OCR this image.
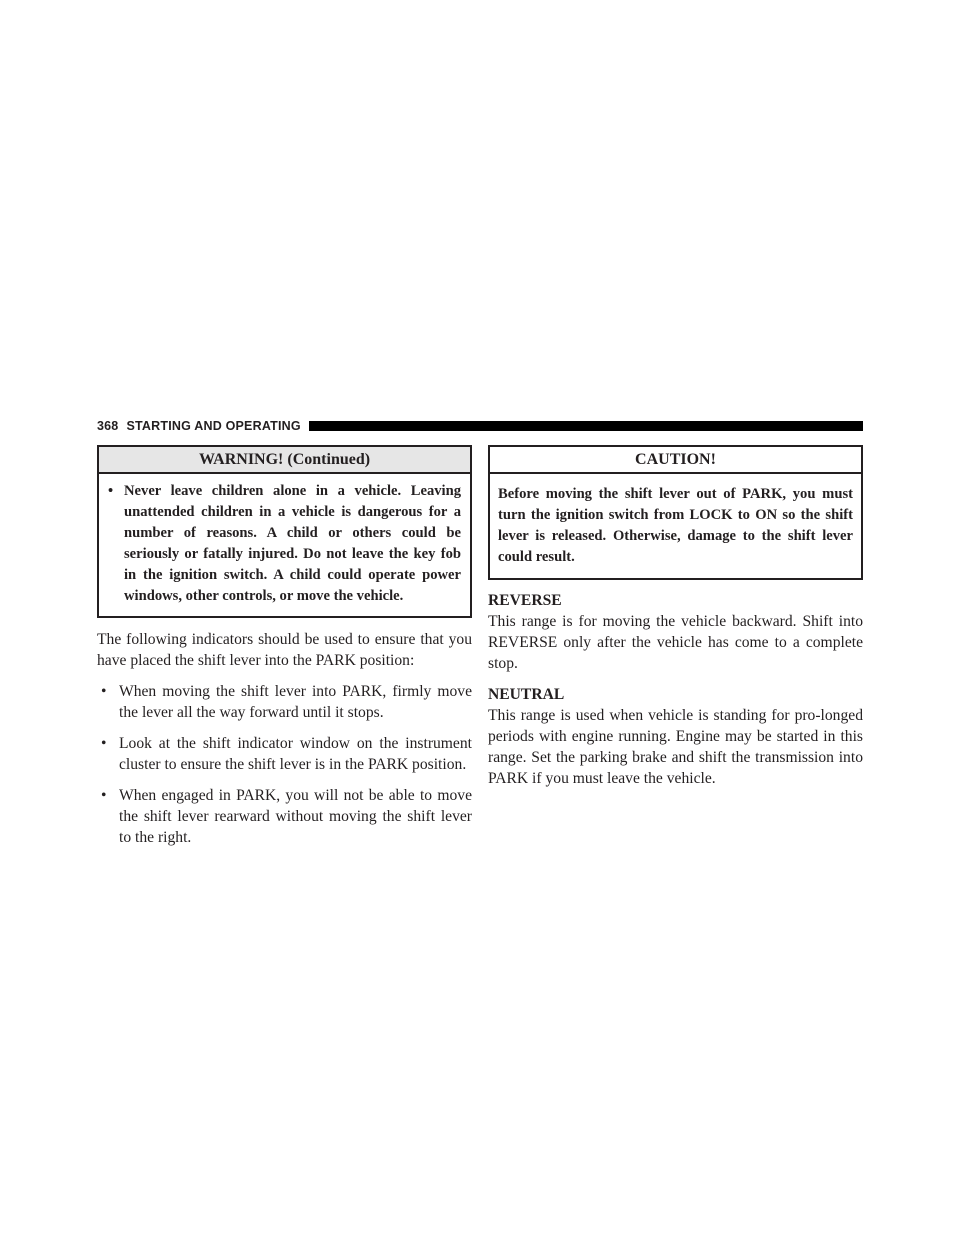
368 STARTING AND OPERATING
WARNING! (Continued)
• Never leave children alone in a vehicle. Leaving unattended children in a vehicle is dangerous for a number of reasons. A child or others could be seriously or fatally injured. Do not leave the key fob in the ignition switch. A child could operate power windows, other controls, or move the vehicle.

The following indicators should be used to ensure that you have placed the shift lever into the PARK position:

• When moving the shift lever into PARK, firmly move the lever all the way forward until it stops.
• Look at the shift indicator window on the instrument cluster to ensure the shift lever is in the PARK position.
• When engaged in PARK, you will not be able to move the shift lever rearward without moving the shift lever to the right.
CAUTION!
Before moving the shift lever out of PARK, you must turn the ignition switch from LOCK to ON so the shift lever is released. Otherwise, damage to the shift lever could result.
REVERSE

This range is for moving the vehicle backward. Shift into REVERSE only after the vehicle has come to a complete stop.

NEUTRAL

This range is used when vehicle is standing for pro-longed periods with engine running. Engine may be started in this range. Set the parking brake and shift the transmission into PARK if you must leave the vehicle.
